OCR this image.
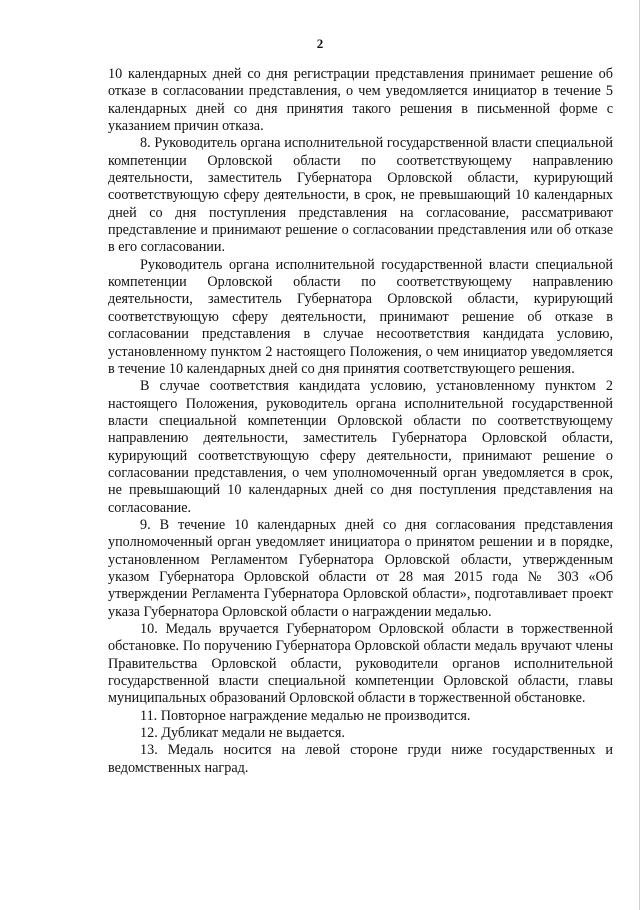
2

10 календарных дней со дня регистрации представления принимает решение об отказе в согласовании представления, о чем уведомляется инициатор в течение 5 календарных дней со дня принятия такого решения в письменной форме с указанием причин отказа.

8. Руководитель органа исполнительной государственной власти специальной компетенции Орловской области по соответствующему направлению деятельности, заместитель Губернатора Орловской области, курирующий соответствующую сферу деятельности, в срок, не превышающий 10 календарных дней со дня поступления представления на согласование, рассматривают представление и принимают решение о согласовании представления или об отказе в его согласовании.

Руководитель органа исполнительной государственной власти специальной компетенции Орловской области по соответствующему направлению деятельности, заместитель Губернатора Орловской области, курирующий соответствующую сферу деятельности, принимают решение об отказе в согласовании представления в случае несоответствия кандидата условию, установленному пунктом 2 настоящего Положения, о чем инициатор уведомляется в течение 10 календарных дней со дня принятия соответствующего решения.

В случае соответствия кандидата условию, установленному пунктом 2 настоящего Положения, руководитель органа исполнительной государственной власти специальной компетенции Орловской области по соответствующему направлению деятельности, заместитель Губернатора Орловской области, курирующий соответствующую сферу деятельности, принимают решение о согласовании представления, о чем уполномоченный орган уведомляется в срок, не превышающий 10 календарных дней со дня поступления представления на согласование.

9. В течение 10 календарных дней со дня согласования представления уполномоченный орган уведомляет инициатора о принятом решении и в порядке, установленном Регламентом Губернатора Орловской области, утвержденным указом Губернатора Орловской области от 28 мая 2015 года № 303 «Об утверждении Регламента Губернатора Орловской области», подготавливает проект указа Губернатора Орловской области о награждении медалью.

10. Медаль вручается Губернатором Орловской области в торжественной обстановке. По поручению Губернатора Орловской области медаль вручают члены Правительства Орловской области, руководители органов исполнительной государственной власти специальной компетенции Орловской области, главы муниципальных образований Орловской области в торжественной обстановке.

11. Повторное награждение медалью не производится.

12. Дубликат медали не выдается.

13. Медаль носится на левой стороне груди ниже государственных и ведомственных наград.
